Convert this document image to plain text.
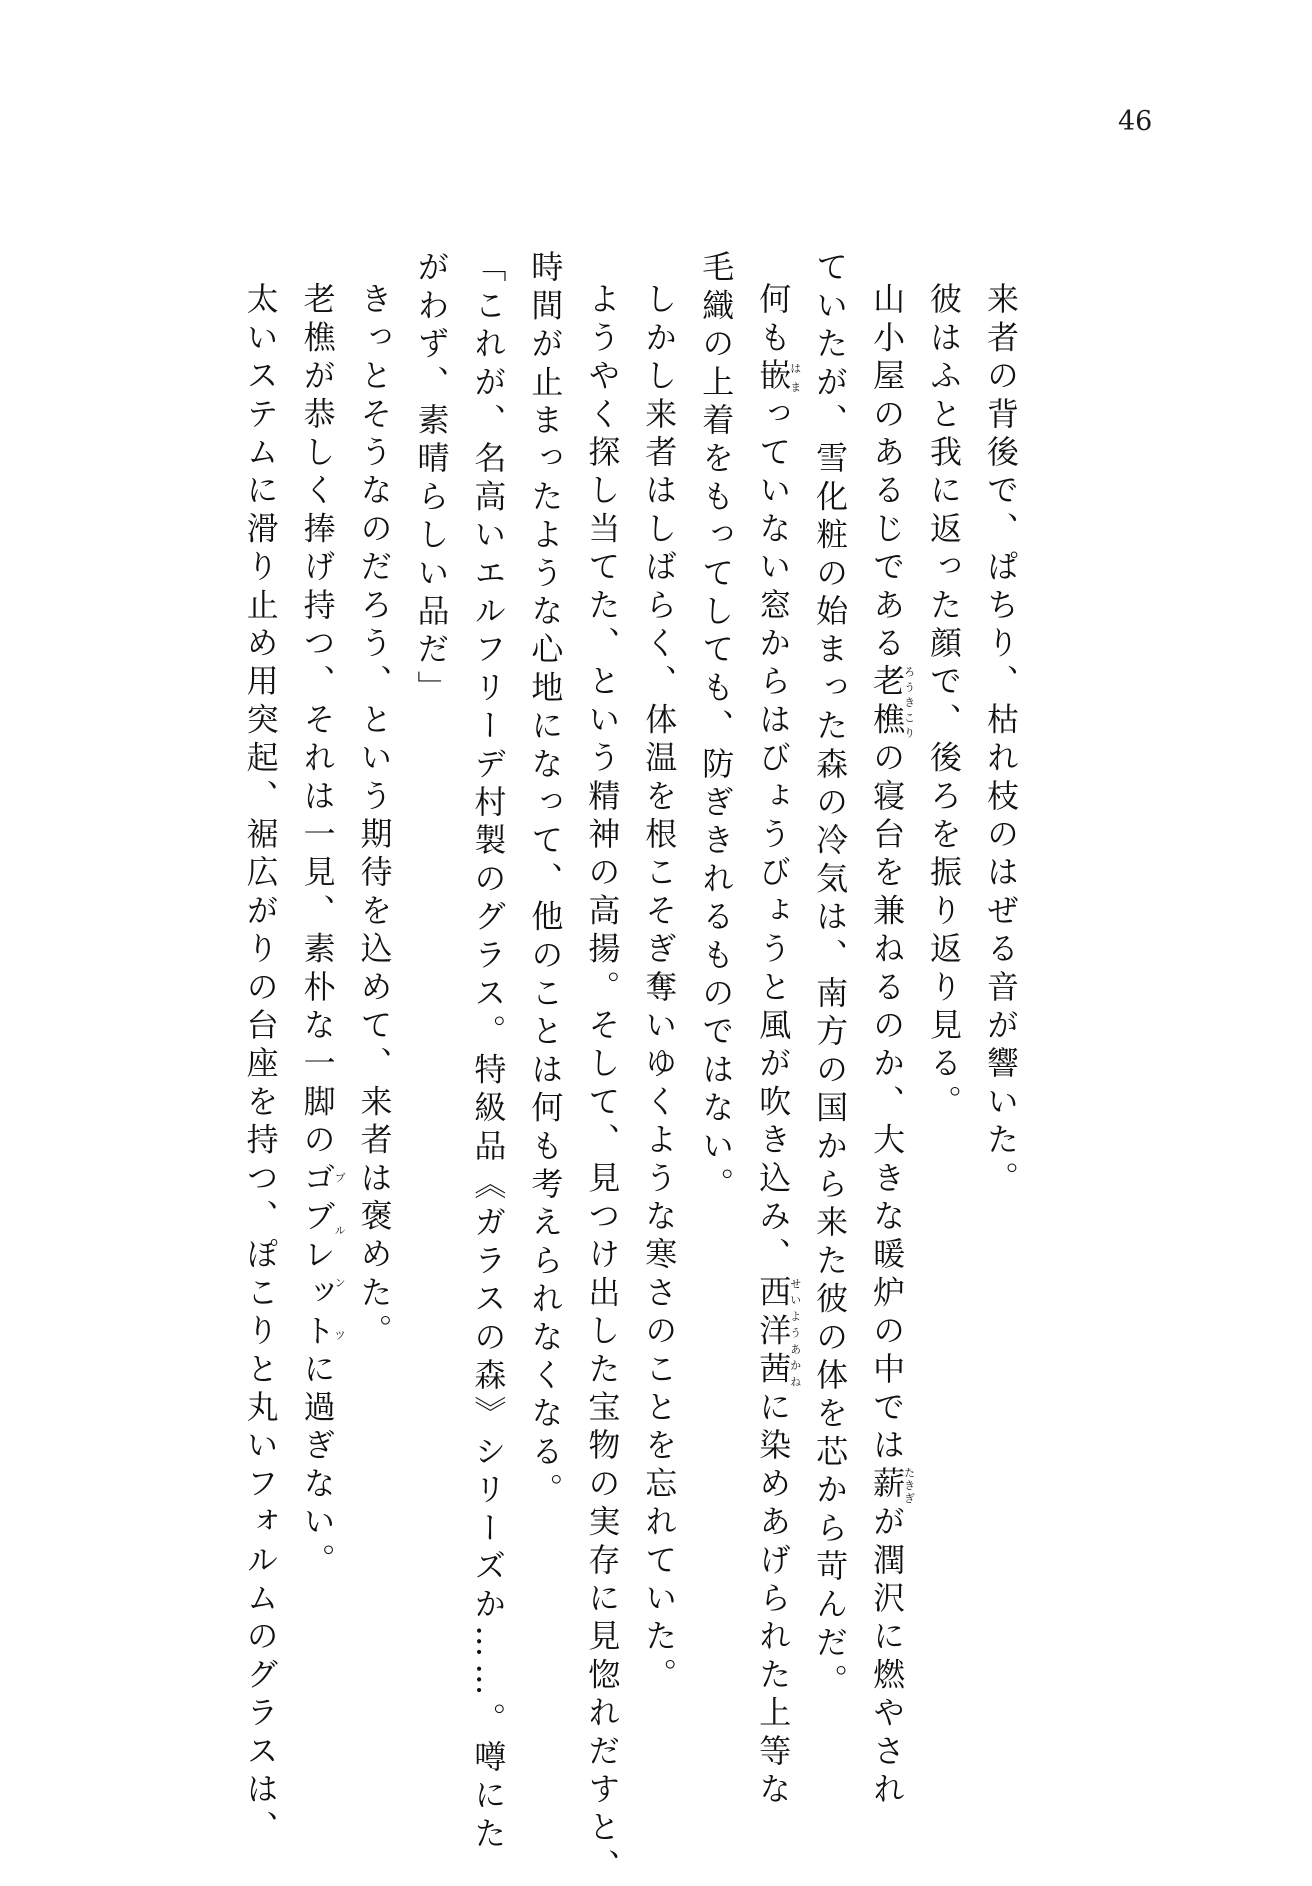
46
来者の背後で、ぱちり、枯れ枝のはぜる音が響いた。
彼はふと我に返った顔で、後ろを振り返り見る。
山小屋のあるじである老樵ろうきこりの寝台を兼ねるのか、大きな暖炉の中では薪たきぎが潤沢に燃やされ
ていたが、雪化粧の始まった森の冷気は、南方の国から来た彼の体を芯から苛んだ。
何も嵌はまっていない窓からはびょうびょうと風が吹き込み、西洋茜せいようあかねに染めあげられた上等な
毛織の上着をもってしても、防ぎきれるものではない。
しかし来者はしばらく、体温を根こそぎ奪いゆくような寒さのことを忘れていた。
ようやく探し当てた、という精神の高揚。そして、見つけ出した宝物の実存に見惚れだすと、
時間が止まったような心地になって、他のことは何も考えられなくなる。
「これが、名高いエルフリーデ村製のグラス。特級品《ガラスの森》シリーズか……。噂にた
がわず、素晴らしい品だ」
きっとそうなのだろう、という期待を込めて、来者は褒めた。
老樵が恭しく捧げ持つ、それは一見、素朴な一脚のゴブレットブルンツに過ぎない。
太いステムに滑り止め用突起、裾広がりの台座を持つ、ぽこりと丸いフォルムのグラスは、
